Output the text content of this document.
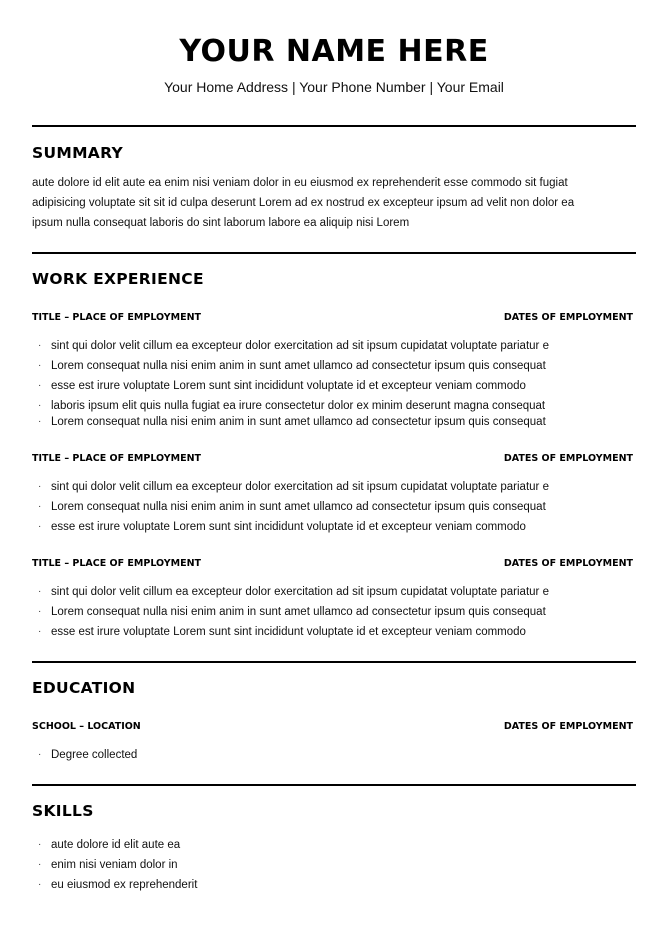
YOUR NAME HERE
Your Home Address | Your Phone Number | Your Email
SUMMARY
aute dolore id elit aute ea enim nisi veniam dolor in eu eiusmod ex reprehenderit esse commodo sit fugiat
adipisicing voluptate sit sit id culpa deserunt Lorem ad ex nostrud ex excepteur ipsum ad velit non dolor ea
ipsum nulla consequat laboris do sint laborum labore ea aliquip nisi Lorem
WORK EXPERIENCE
TITLE – PLACE OF EMPLOYMENT	DATES OF EMPLOYMENT
· sint qui dolor velit cillum ea excepteur dolor exercitation ad sit ipsum cupidatat voluptate pariatur e
· Lorem consequat nulla nisi enim anim in sunt amet ullamco ad consectetur ipsum quis consequat
· esse est irure voluptate Lorem sunt sint incididunt voluptate id et excepteur veniam commodo
· laboris ipsum elit quis nulla fugiat ea irure consectetur dolor ex minim deserunt magna consequat
· Lorem consequat nulla nisi enim anim in sunt amet ullamco ad consectetur ipsum quis consequat
TITLE – PLACE OF EMPLOYMENT	DATES OF EMPLOYMENT
· sint qui dolor velit cillum ea excepteur dolor exercitation ad sit ipsum cupidatat voluptate pariatur e
· Lorem consequat nulla nisi enim anim in sunt amet ullamco ad consectetur ipsum quis consequat
· esse est irure voluptate Lorem sunt sint incididunt voluptate id et excepteur veniam commodo
TITLE – PLACE OF EMPLOYMENT	DATES OF EMPLOYMENT
· sint qui dolor velit cillum ea excepteur dolor exercitation ad sit ipsum cupidatat voluptate pariatur e
· Lorem consequat nulla nisi enim anim in sunt amet ullamco ad consectetur ipsum quis consequat
· esse est irure voluptate Lorem sunt sint incididunt voluptate id et excepteur veniam commodo
EDUCATION
SCHOOL – LOCATION	DATES OF EMPLOYMENT
· Degree collected
SKILLS
· aute dolore id elit aute ea
· enim nisi veniam dolor in
· eu eiusmod ex reprehenderit
